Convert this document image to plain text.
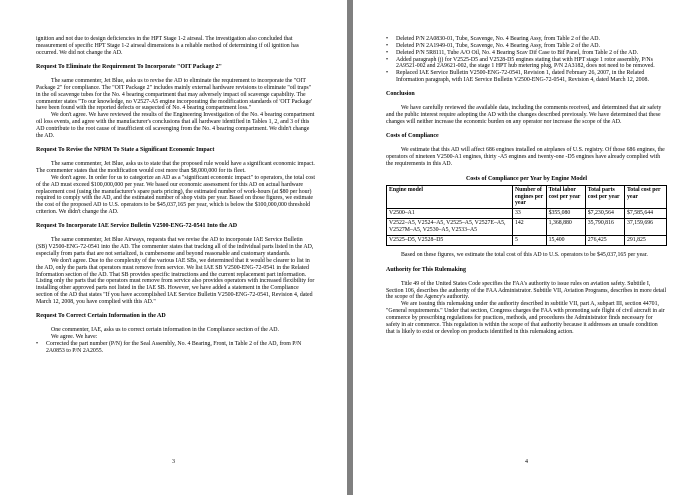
ignition and not due to design deficiencies in the HPT Stage 1-2 airseal. The investigation also concluded that measurement of specific HPT Stage 1-2 airseal dimensions is a reliable method of determining if oil ignition has occurred. We did not change the AD.

Request To Eliminate the Requirement To Incorporate "OIT Package 2"

The same commenter, Jet Blue, asks us to revise the AD to eliminate the requirement to incorporate the "OIT Package 2" for compliance. The "OIT Package 2" includes mainly external hardware revisions to eliminate "oil traps" in the oil scavenge tubes for the No. 4 bearing compartment that may adversely impact oil scavenge capability. The commenter states "To our knowledge, no V2527-A5 engine incorporating the modification standards of 'OIT Package' have been found with the reported defects or suspected of No. 4 bearing compartment loss."

We don't agree. We have reviewed the results of the Engineering Investigation of the No. 4 bearing compartment oil loss events, and agree with the manufacturer's conclusions that all hardware identified in Tables 1, 2, and 3 of this AD contribute to the root cause of insufficient oil scavenging from the No. 4 bearing compartment. We didn't change the AD.

Request To Revise the NPRM To State a Significant Economic Impact

The same commenter, Jet Blue, asks us to state that the proposed rule would have a significant economic impact. The commenter states that the modification would cost more than $8,000,000 for its fleet.

We don't agree. In order for us to categorize an AD as a "significant economic impact" to operators, the total cost of the AD must exceed $100,000,000 per year. We based our economic assessment for this AD on actual hardware replacement cost (using the manufacturer's spare parts pricing), the estimated number of work-hours (at $80 per hour) required to comply with the AD, and the estimated number of shop visits per year. Based on those figures, we estimate the cost of the proposed AD to U.S. operators to be $45,037,165 per year, which is below the $100,000,000 threshold criterion. We didn't change the AD.

Request To Incorporate IAE Service Bulletin V2500-ENG-72-0541 Into the AD

The same commenter, Jet Blue Airways, requests that we revise the AD to incorporate IAE Service Bulletin (SB) V2500-ENG-72-0541 into the AD. The commenter states that tracking all of the individual parts listed in the AD, especially from parts that are not serialized, is cumbersome and beyond reasonable and customary standards.

We don't agree. Due to the complexity of the various IAE SBs, we determined that it would be clearer to list in the AD, only the parts that operators must remove from service. We list IAE SB V2500-ENG-72-0541 in the Related Information section of the AD. That SB provides specific instructions and the current replacement part information. Listing only the parts that the operators must remove from service also provides operators with increased flexibility for installing other approved parts not listed in the IAE SB. However, we have added a statement in the Compliance section of the AD that states "If you have accomplished IAE Service Bulletin V2500-ENG-72-0541, Revision 4, dated March 12, 2008, you have complied with this AD."

Request To Correct Certain Information in the AD

One commenter, IAE, asks us to correct certain information in the Compliance section of the AD.

We agree. We have:

•	Corrected the part number (P/N) for the Seal Assembly, No. 4 Bearing, Front, in Table 2 of the AD, from P/N 2A0853 to P/N 2A2055.
3
•	Deleted P/N 2A0830-01, Tube, Scavenge, No. 4 Bearing Assy, from Table 2 of the AD.
•	Deleted P/N 2A1949-01, Tube, Scavenge, No. 4 Bearing Assy, from Table 2 of the AD.
•	Deleted P/N 5R8111, Tube A/O Oil, No. 4 Bearing Scav Dif Case to Bif Panel, from Table 2 of the AD.
•	Added paragraph (j) for V2525-D5 and V2528-D5 engines stating that with HPT stage 1 rotor assembly, P/Ns 2A9521-002 and 2A9621-002, the stage 1 HPT hub metering plug, P/N 2A3182, does not need to be removed.
•	Replaced IAE Service Bulletin V2500-ENG-72-0541, Revision 1, dated February 26, 2007, in the Related Information paragraph, with IAE Service Bulletin V2500-ENG-72-0541, Revision 4, dated March 12, 2008.
Conclusion

We have carefully reviewed the available data, including the comments received, and determined that air safety and the public interest require adopting the AD with the changes described previously. We have determined that these changes will neither increase the economic burden on any operator nor increase the scope of the AD.

Costs of Compliance

We estimate that this AD will affect 686 engines installed on airplanes of U.S. registry. Of those 686 engines, the operators of nineteen V2500-A1 engines, thirty -A5 engines and twenty-one -D5 engines have already complied with the requirements in this AD.

Costs of Compliance per Year by Engine Model
Engine model	Number of engines per year	Total labor cost per year	Total parts cost per year	Total cost per year
V2500–A1	33	$355,080	$7,230,564	$7,585,644
V2522–A5, V2524–A5, V2525–A5, V2527E–A5, V2527M–A5, V2530–A5, V2533–A5	142	1,368,880	35,790,816	37,159,696
V2525–D5, V2528–D5	5	15,400	276,425	291,825

Based on these figures, we estimate the total cost of this AD to U.S. operators to be $45,037,165 per year.

Authority for This Rulemaking

Title 49 of the United States Code specifies the FAA's authority to issue rules on aviation safety. Subtitle I, Section 106, describes the authority of the FAA Administrator. Subtitle VII, Aviation Programs, describes in more detail the scope of the Agency's authority.

We are issuing this rulemaking under the authority described in subtitle VII, part A, subpart III, section 44701, "General requirements." Under that section, Congress charges the FAA with promoting safe flight of civil aircraft in air commerce by prescribing regulations for practices, methods, and procedures the Administrator finds necessary for safety in air commerce. This regulation is within the scope of that authority because it addresses an unsafe condition that is likely to exist or develop on products identified in this rulemaking action.

4
